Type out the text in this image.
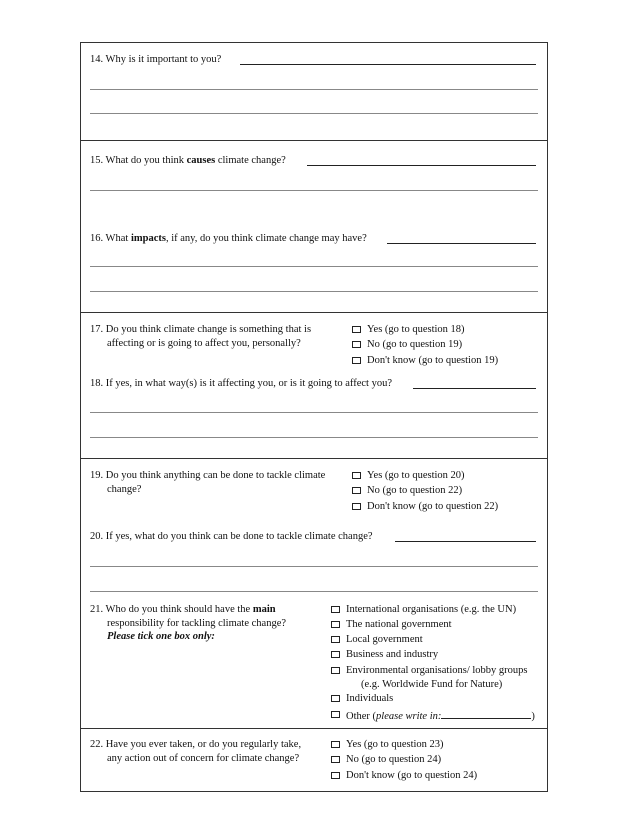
14. Why is it important to you?
15. What do you think causes climate change?
16. What impacts, if any, do you think climate change may have?
17. Do you think climate change is something that is
affecting or is going to affect you, personally?
Yes (go to question 18)
No (go to question 19)
Don't know (go to question 19)
18. If yes, in what way(s) is it affecting you, or is it going to affect you?
19. Do you think anything can be done to tackle climate
change?
Yes (go to question 20)
No (go to question 22)
Don't know (go to question 22)
20. If yes, what do you think can be done to tackle climate change?
21. Who do you think should have the main
responsibility for tackling climate change?
Please tick one box only:
International organisations (e.g. the UN)
The national government
Local government
Business and industry
Environmental organisations/ lobby groups
(e.g. Worldwide Fund for Nature)
Individuals
Other (please write in:	)
22. Have you ever taken, or do you regularly take,
any action out of concern for climate change?
Yes (go to question 23)
No (go to question 24)
Don't know (go to question 24)
